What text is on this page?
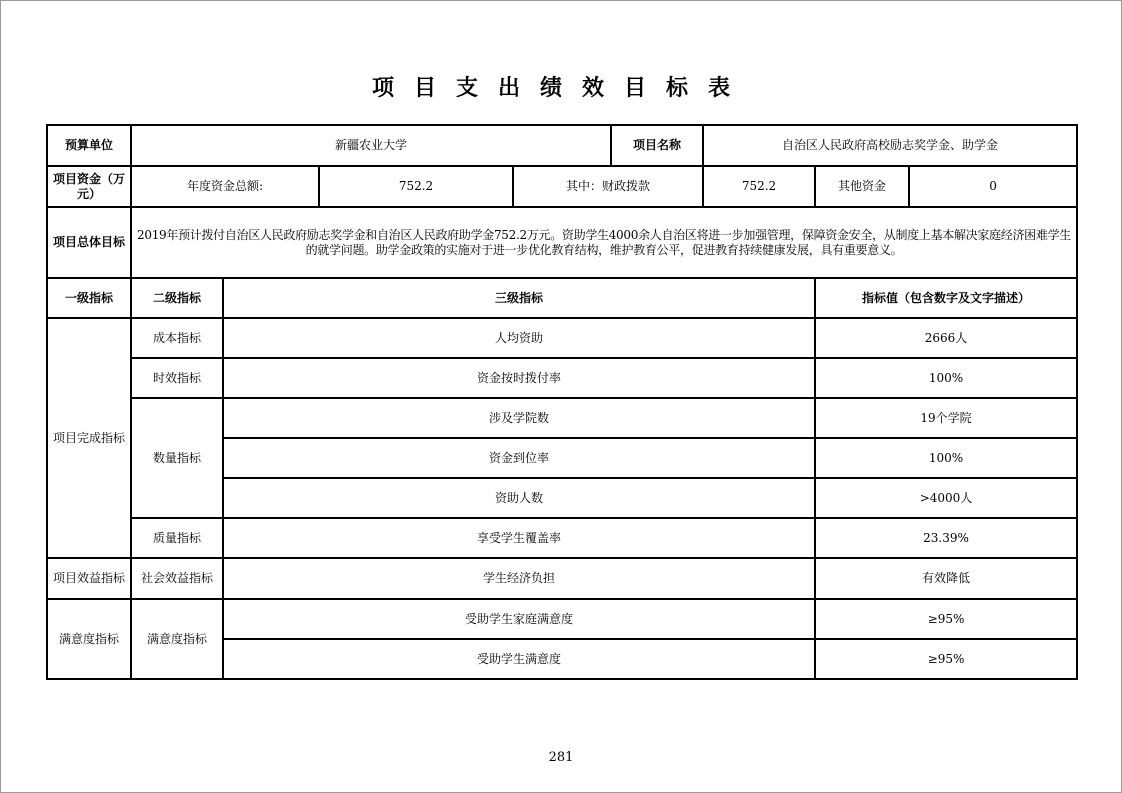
项目支出绩效目标表
预算单位	新疆农业大学				项目名称	自治区人民政府高校励志奖学金、助学金		
项目资金（万元）	年度资金总额:		752.2	其中：财政拨款		752.2	其他资金	0
项目总体目标	2019年预计拨付自治区人民政府励志奖学金和自治区人民政府助学金752.2万元。资助学生4000余人自治区将进一步加强管理，保障资金安全，从制度上基本解决家庭经济困难学生的就学问题。助学金政策的实施对于进一步优化教育结构，维护教育公平，促进教育持续健康发展，具有重要意义。							
一级指标	二级指标	三级指标					指标值（包含数字及文字描述）	
项目完成指标	成本指标	人均资助					2666人	
	时效指标	资金按时拨付率					100%	
	数量指标	涉及学院数					19个学院	
		资金到位率					100%	
		资助人数					>4000人	
	质量指标	享受学生覆盖率					23.39%	
项目效益指标	社会效益指标	学生经济负担					有效降低	
满意度指标	满意度指标	受助学生家庭满意度					≥95%	
		受助学生满意度					≥95%	
281
